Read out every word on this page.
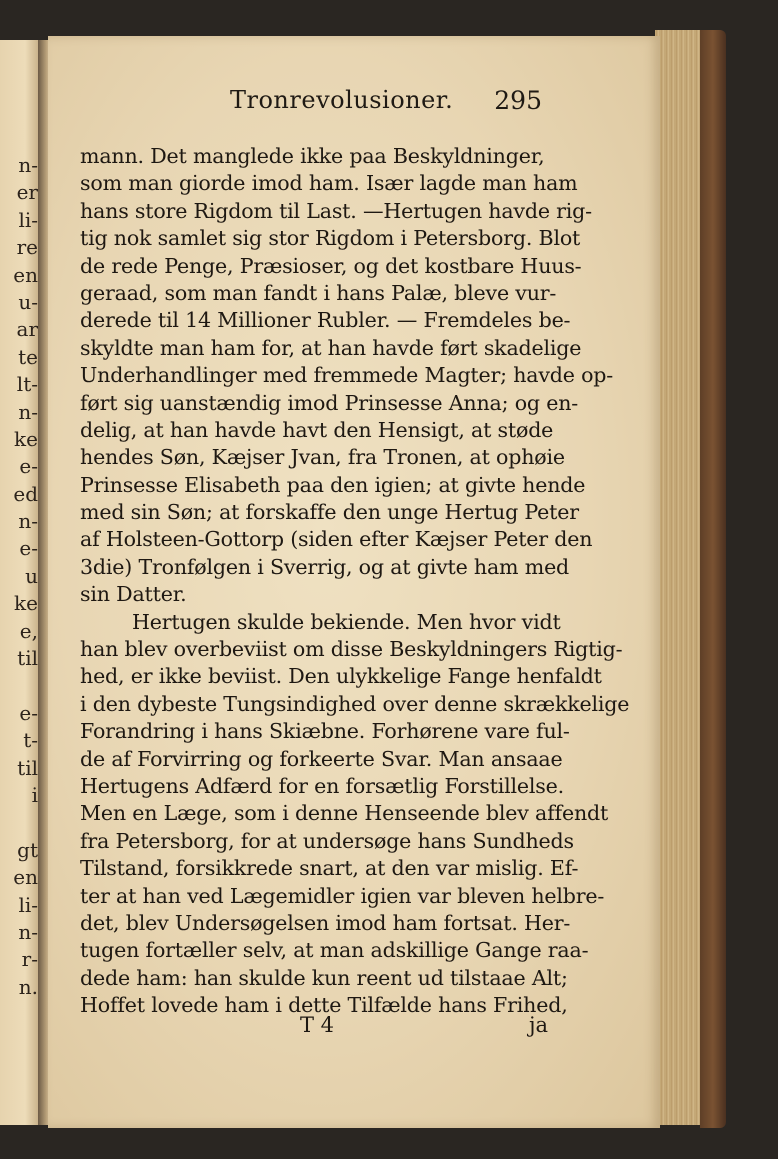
n-
er
li-
re
en
u-
ar
te
lt-
n-
ke
e-
ed
n-
e-
u
ke
e,
til
e-
t-
til
i
gt
en
li-
n-
r-
n.
Tronrevolusioner. 295
mann. Det manglede ikke paa Beskyldninger,
som man giorde imod ham. Især lagde man ham
hans store Rigdom til Last. —Hertugen havde rig-
tig nok samlet sig stor Rigdom i Petersborg. Blot
de rede Penge, Præsioser, og det kostbare Huus-
geraad, som man fandt i hans Palæ, bleve vur-
derede til 14 Millioner Rubler. — Fremdeles be-
skyldte man ham for, at han havde ført skadelige
Underhandlinger med fremmede Magter; havde op-
ført sig uanstændig imod Prinsesse Anna; og en-
delig, at han havde havt den Hensigt, at støde
hendes Søn, Kæjser Jvan, fra Tronen, at ophøie
Prinsesse Elisabeth paa den igien; at givte hende
med sin Søn; at forskaffe den unge Hertug Peter
af Holsteen-Gottorp (siden efter Kæjser Peter den
3die) Tronfølgen i Sverrig, og at givte ham med
sin Datter.
Hertugen skulde bekiende. Men hvor vidt
han blev overbeviist om disse Beskyldningers Rigtig-
hed, er ikke beviist. Den ulykkelige Fange henfaldt
i den dybeste Tungsindighed over denne skrækkelige
Forandring i hans Skiæbne. Forhørene vare ful-
de af Forvirring og forkeerte Svar. Man ansaae
Hertugens Adfærd for en forsætlig Forstillelse.
Men en Læge, som i denne Henseende blev affendt
fra Petersborg, for at undersøge hans Sundheds
Tilstand, forsikkrede snart, at den var mislig. Ef-
ter at han ved Lægemidler igien var bleven helbre-
det, blev Undersøgelsen imod ham fortsat. Her-
tugen fortæller selv, at man adskillige Gange raa-
dede ham: han skulde kun reent ud tilstaae Alt;
Hoffet lovede ham i dette Tilfælde hans Frihed,
T 4	ja
